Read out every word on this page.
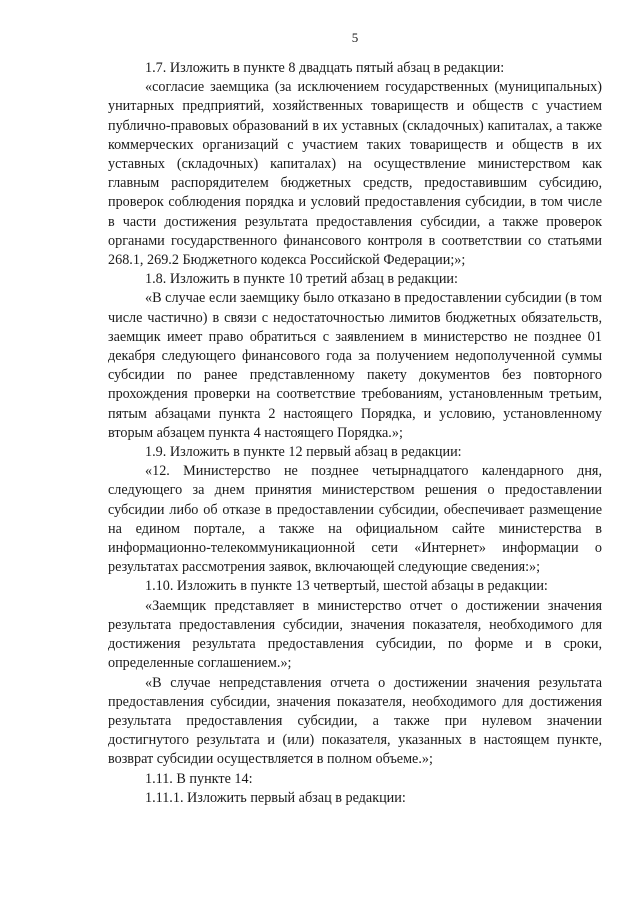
5

1.7. Изложить в пункте 8 двадцать пятый абзац в редакции:

«согласие заемщика (за исключением государственных (муниципальных) унитарных предприятий, хозяйственных товариществ и обществ с участием публично-правовых образований в их уставных (складочных) капиталах, а также коммерческих организаций с участием таких товариществ и обществ в их уставных (складочных) капиталах) на осуществление министерством как главным распорядителем бюджетных средств, предоставившим субсидию, проверок соблюдения порядка и условий предоставления субсидии, в том числе в части достижения результата предоставления субсидии, а также проверок органами государственного финансового контроля в соответствии со статьями 268.1, 269.2 Бюджетного кодекса Российской Федерации;»;

1.8. Изложить в пункте 10 третий абзац в редакции:

«В случае если заемщику было отказано в предоставлении субсидии (в том числе частично) в связи с недостаточностью лимитов бюджетных обязательств, заемщик имеет право обратиться с заявлением в министерство не позднее 01 декабря следующего финансового года за получением недополученной суммы субсидии по ранее представленному пакету документов без повторного прохождения проверки на соответствие требованиям, установленным третьим, пятым абзацами пункта 2 настоящего Порядка, и условию, установленному вторым абзацем пункта 4 настоящего Порядка.»;

1.9. Изложить в пункте 12 первый абзац в редакции:

«12. Министерство не позднее четырнадцатого календарного дня, следующего за днем принятия министерством решения о предоставлении субсидии либо об отказе в предоставлении субсидии, обеспечивает размещение на едином портале, а также на официальном сайте министерства в информационно-телекоммуникационной сети «Интернет» информации о результатах рассмотрения заявок, включающей следующие сведения:»;

1.10. Изложить в пункте 13 четвертый, шестой абзацы в редакции:

«Заемщик представляет в министерство отчет о достижении значения результата предоставления субсидии, значения показателя, необходимого для достижения результата предоставления субсидии, по форме и в сроки, определенные соглашением.»;

«В случае непредставления отчета о достижении значения результата предоставления субсидии, значения показателя, необходимого для достижения результата предоставления субсидии, а также при нулевом значении достигнутого результата и (или) показателя, указанных в настоящем пункте, возврат субсидии осуществляется в полном объеме.»;

1.11. В пункте 14:

1.11.1. Изложить первый абзац в редакции:
